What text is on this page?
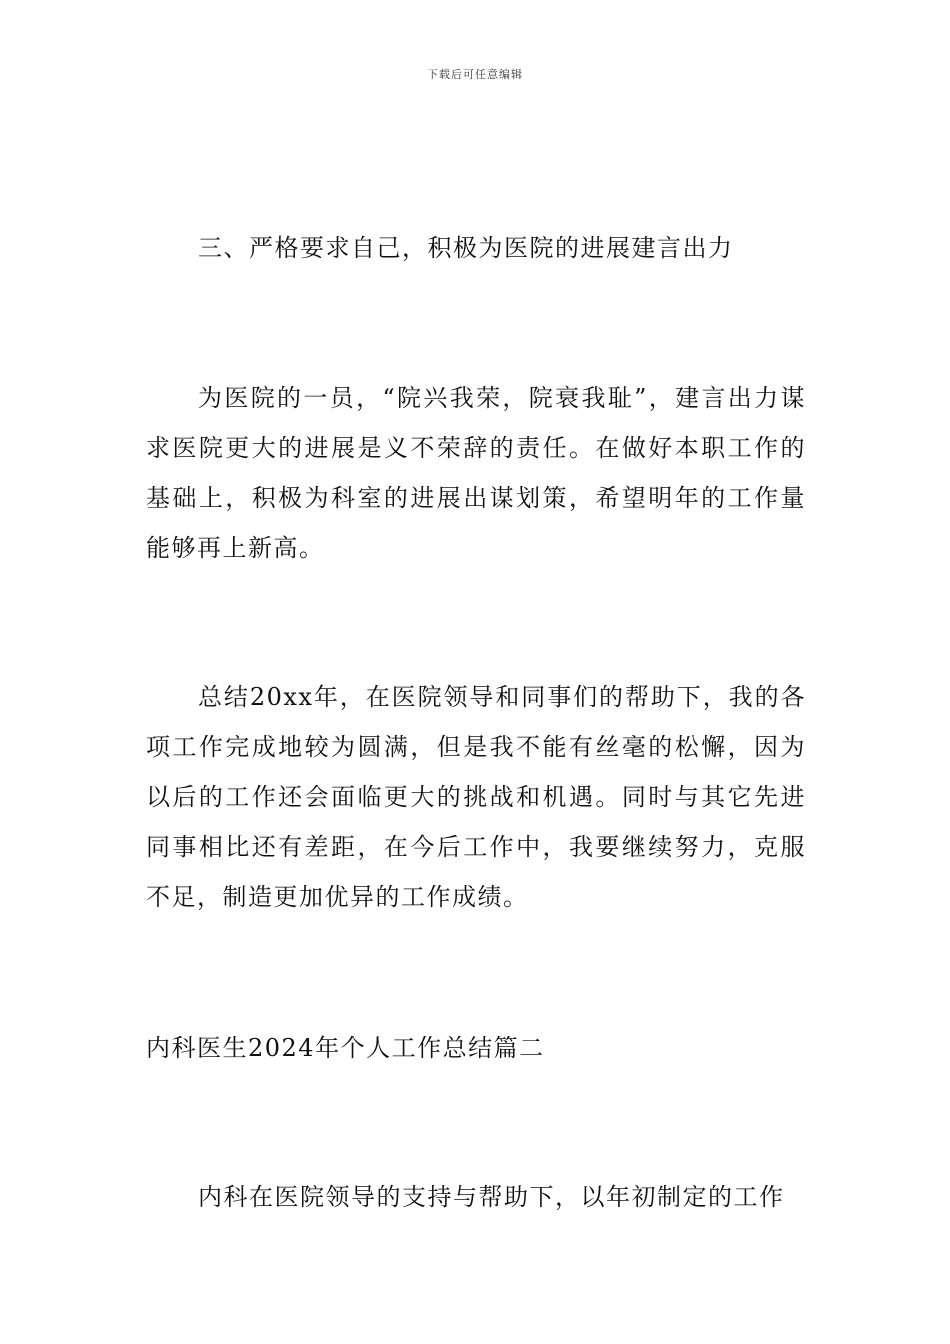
下载后可任意编辑

三、严格要求自己，积极为医院的进展建言出力

为医院的一员，“院兴我荣，院衰我耻”，建言出力谋求医院更大的进展是义不荣辞的责任。在做好本职工作的基础上，积极为科室的进展出谋划策，希望明年的工作量能够再上新高。

总结20xx年，在医院领导和同事们的帮助下，我的各项工作完成地较为圆满，但是我不能有丝毫的松懈，因为以后的工作还会面临更大的挑战和机遇。同时与其它先进同事相比还有差距，在今后工作中，我要继续努力，克服不足，制造更加优异的工作成绩。

内科医生2024年个人工作总结篇二

内科在医院领导的支持与帮助下，以年初制定的工作
